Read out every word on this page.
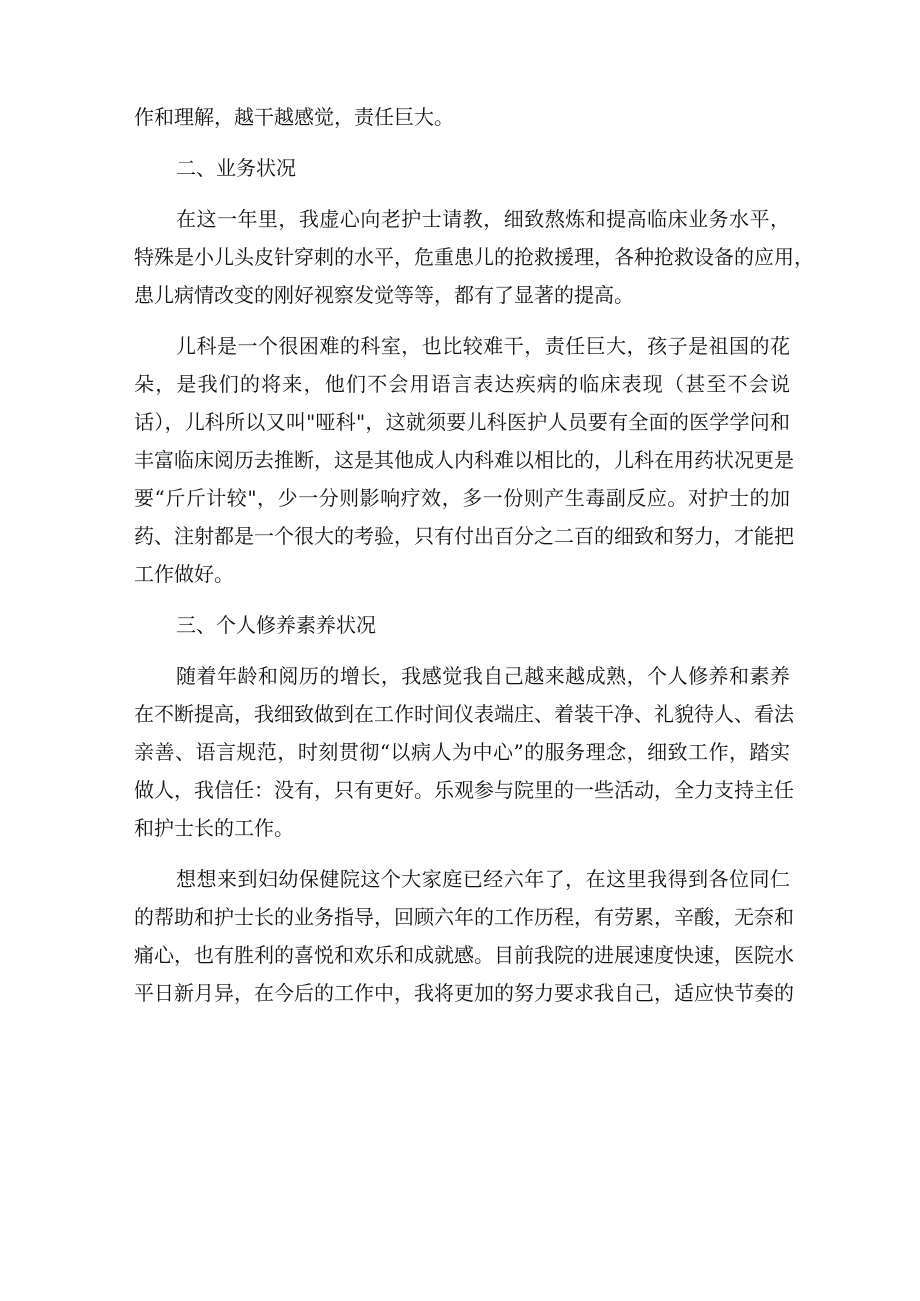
作和理解，越干越感觉，责任巨大。
二、业务状况
在这一年里，我虚心向老护士请教，细致熬炼和提高临床业务水平，
特殊是小儿头皮针穿刺的水平，危重患儿的抢救援理，各种抢救设备的应用，
患儿病情改变的刚好视察发觉等等，都有了显著的提高。
儿科是一个很困难的科室，也比较难干，责任巨大，孩子是祖国的花
朵，是我们的将来，他们不会用语言表达疾病的临床表现（甚至不会说
话），儿科所以又叫"哑科"，这就须要儿科医护人员要有全面的医学学问和
丰富临床阅历去推断，这是其他成人内科难以相比的，儿科在用药状况更是
要“斤斤计较"，少一分则影响疗效，多一份则产生毒副反应。对护士的加
药、注射都是一个很大的考验，只有付出百分之二百的细致和努力，才能把
工作做好。
三、个人修养素养状况
随着年龄和阅历的增长，我感觉我自己越来越成熟，个人修养和素养
在不断提高，我细致做到在工作时间仪表端庄、着装干净、礼貌待人、看法
亲善、语言规范，时刻贯彻“以病人为中心”的服务理念，细致工作，踏实
做人，我信任：没有，只有更好。乐观参与院里的一些活动，全力支持主任
和护士长的工作。
想想来到妇幼保健院这个大家庭已经六年了，在这里我得到各位同仁
的帮助和护士长的业务指导，回顾六年的工作历程，有劳累，辛酸，无奈和
痛心，也有胜利的喜悦和欢乐和成就感。目前我院的进展速度快速，医院水
平日新月异，在今后的工作中，我将更加的努力要求我自己，适应快节奏的
